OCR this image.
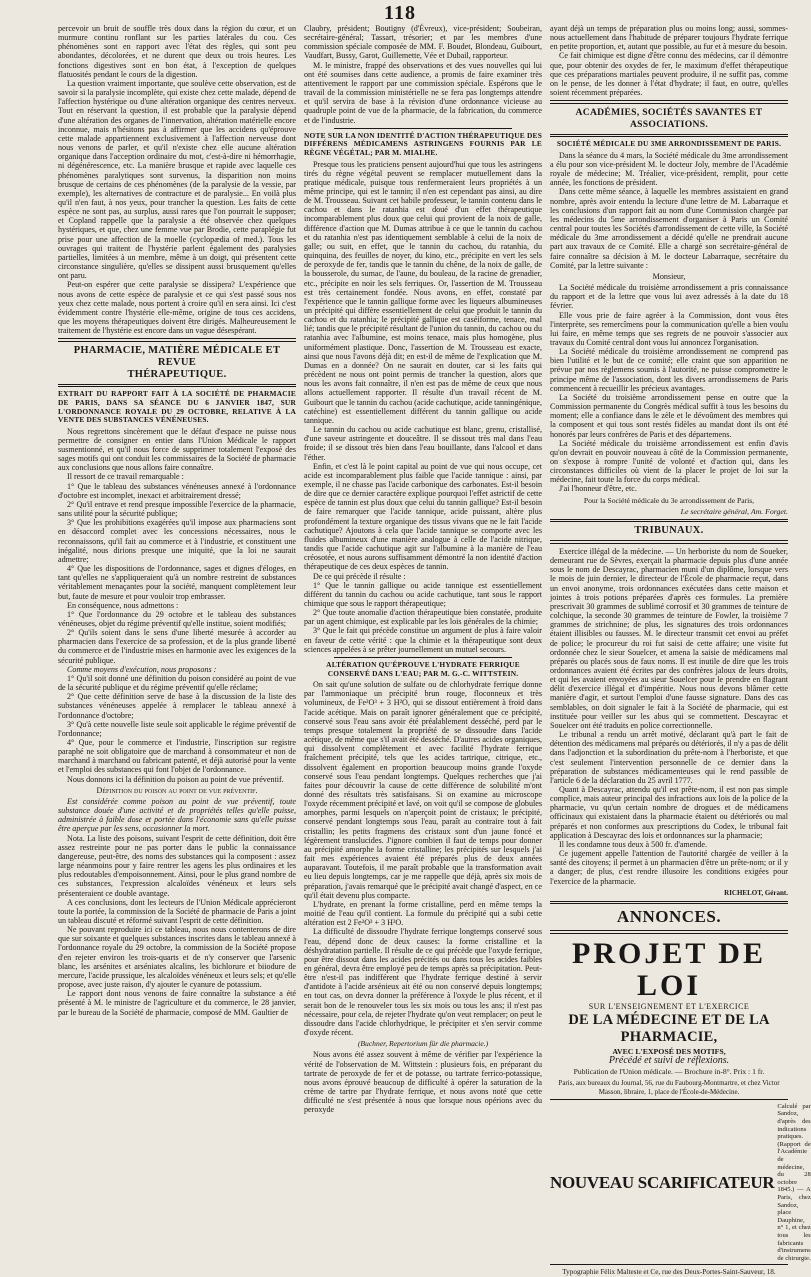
118

percevoir un bruit de souffle très doux dans la région du cœur, et un murmure continu ronflant sur les parties latérales du cou. Ces phénomènes sont en rapport avec l'état des règles, qui sont peu abondantes, décolorées, et ne durent que deux ou trois heures. Les fonctions digestives sont en bon état, à l'exception de quelques flatuosités pendant le cours de la digestion.

La question vraiment importante, que soulève cette observation, est de savoir si la paralysie incomplète, qui existe chez cette malade, dépend de l'affection hystérique ou d'une altération organique des centres nerveux. Tout en réservant la question, il est probable que la paralysie dépend d'une altération des organes de l'innervation, altération matérielle encore inconnue, mais n'hésitons pas à affirmer que les accidens qu'éprouve cette malade appartiennent exclusivement à l'affection nerveuse dont nous venons de parler, et qu'il n'existe chez elle aucune altération organique dans l'acception ordinaire du mot, c'est-à-dire ni hémorrhagie, ni dégénérescence, etc. La manière brusque et rapide avec laquelle ces phénomènes paralytiques sont survenus, la disparition non moins brusque de certains de ces phénomènes (de la paralysie de la vessie, par exemple), les alternatives de contracture et de paralysie... En voilà plus qu'il n'en faut, à nos yeux, pour trancher la question. Les faits de cette espèce ne sont pas, au surplus, aussi rares que l'on pourrait le supposer; et Copland rappelle que la paralysie a été observée chez quelques hystériques, et que, chez une femme vue par Brodie, cette paraplégie fut prise pour une affection de la moelle (cyclopædia of med.). Tous les ouvrages qui traitent de l'hystérie parlent également des paralysies partielles, limitées à un membre, même à un doigt, qui présentent cette circonstance singulière, qu'elles se dissipent aussi brusquement qu'elles ont paru.

Peut-on espérer que cette paralysie se dissipera? L'expérience que nous avons de cette espèce de paralysie et ce qui s'est passé sous nos yeux chez cette malade, nous portent à croire qu'il en sera ainsi. Ici c'est évidemment contre l'hystérie elle-même, origine de tous ces accidens, que les moyens thérapeutiques doivent être dirigés. Malheureusement le traitement de l'hystérie est encore dans un vague désespérant.

PHARMACIE, MATIÈRE MÉDICALE ET REVUE
THÉRAPEUTIQUE.
EXTRAIT DU RAPPORT FAIT À LA SOCIÉTÉ DE PHARMACIE DE PARIS, DANS SA SÉANCE DU 6 JANVIER 1847, SUR L'ORDONNANCE ROYALE DU 29 OCTOBRE, RELATIVE À LA VENTE DES SUBSTANCES VÉNÉNEUSES.

Nous regrettons sincèrement que le défaut d'espace ne puisse nous permettre de consigner en entier dans l'Union Médicale le rapport susmentionné, et qu'il nous force de supprimer totalement l'exposé des sages motifs qui ont conduit les commissaires de la Société de pharmacie aux conclusions que nous allons faire connaître.

Il ressort de ce travail remarquable :

1° Que le tableau des substances vénéneuses annexé à l'ordonnance d'octobre est incomplet, inexact et arbitrairement dressé;

2° Qu'il entrave et rend presque impossible l'exercice de la pharmacie, sans utilité pour la sécurité publique;

3° Que les prohibitions exagérées qu'il impose aux pharmaciens sont en désaccord complet avec les concessions nécessaires, nous le reconnaissons, qu'il fait au commerce et à l'industrie, et constituent une inégalité, nous dirions presque une iniquité, que la loi ne saurait admettre;

4° Que les dispositions de l'ordonnance, sages et dignes d'éloges, en tant qu'elles ne s'appliqueraient qu'à un nombre restreint de substances véritablement menaçantes pour la société, manquent complètement leur but, faute de mesure et pour vouloir trop embrasser.

En conséquence, nous admettons :

1° Que l'ordonnance du 29 octobre et le tableau des substances vénéneuses, objet du régime préventif qu'elle institue, soient modifiés;

2° Qu'ils soient dans le sens d'une liberté mesurée à accorder au pharmacien dans l'exercice de sa profession, et de la plus grande liberté du commerce et de l'industrie mises en harmonie avec les exigences de la sécurité publique.

Comme moyens d'exécution, nous proposons :

1° Qu'il soit donné une définition du poison considéré au point de vue de la sécurité publique et du régime préventif qu'elle réclame;

2° Que cette définition serve de base à la discussion de la liste des substances vénéneuses appelée à remplacer le tableau annexé à l'ordonnance d'octobre;

3° Qu'à cette nouvelle liste seule soit applicable le régime préventif de l'ordonnance;

4° Que, pour le commerce et l'industrie, l'inscription sur registre paraphé ne soit obligatoire que de marchand à consommateur et non de marchand à marchand ou fabricant patenté, et déjà autorisé pour la vente et l'emploi des substances qui font l'objet de l'ordonnance.

Nous donnons ici la définition du poison au point de vue préventif.

Définition du poison au point de vue préventif.

Est considérée comme poison au point de vue préventif, toute substance douée d'une activité et de propriétés telles qu'elle puisse, administrée à faible dose et portée dans l'économie sans qu'elle puisse être aperçue par les sens, occasionner la mort.

Nota. La liste des poisons, suivant l'esprit de cette définition, doit être assez restreinte pour ne pas porter dans le public la connaissance dangereuse, peut-être, des noms des substances qui la composent : assez large néanmoins pour y faire rentrer les agens les plus ordinaires et les plus redoutables d'empoisonnement. Ainsi, pour le plus grand nombre de ces substances, l'expression alcaloïdes vénéneux et leurs sels présenteraient ce double avantage.

A ces conclusions, dont les lecteurs de l'Union Médicale apprécieront toute la portée, la commission de la Société de pharmacie de Paris a joint un tableau discuté et réformé suivant l'esprit de cette définition.

Ne pouvant reproduire ici ce tableau, nous nous contenterons de dire que sur soixante et quelques substances inscrites dans le tableau annexé à l'ordonnance royale du 29 octobre, la commission de la Société propose d'en rejeter environ les trois-quarts et de n'y conserver que l'arsenic blanc, les arsénites et arséniates alcalins, les bichlorure et biiodure de mercure, l'acide prussique, les alcaloïdes vénéneux et leurs sels; et qu'elle propose, avec juste raison, d'y ajouter le cyanure de potassium.

Le rapport dont nous venons de faire connaître la substance a été présenté à M. le ministre de l'agriculture et du commerce, le 28 janvier, par le bureau de la Société de pharmacie, composé de MM. Gaultier de

Claubry, président; Boutigny (d'Évreux), vice-président; Soubeiran, secrétaire-général; Tassart, trésorier; et par les membres d'une commission spéciale composée de MM. F. Boudet, Blondeau, Guibourt, Vaudfart, Bussy, Garot, Guillemette, Vée et Dubail, rapporteur.

M. le ministre, frappé des observations et des vues nouvelles qui lui ont été soumises dans cette audience, a promis de faire examiner très attentivement le rapport par une commission spéciale. Espérons que le travail de la commission ministérielle ne se fera pas longtemps attendre et qu'il servira de base à la révision d'une ordonnance vicieuse au quadruple point de vue de la pharmacie, de la fabrication, du commerce et de l'industrie.

NOTE SUR LA NON IDENTITÉ D'ACTION THÉRAPEUTIQUE DES DIFFÉRENS MÉDICAMENS ASTRINGENS FOURNIS PAR LE RÈGNE VÉGÉTAL; PAR M. MIALHE.

Presque tous les praticiens pensent aujourd'hui que tous les astringens tirés du règne végétal peuvent se remplacer mutuellement dans la pratique médicale, puisque tous renfermeraient leurs propriétés à un même principe, qui est le tannin; il n'en est cependant pas ainsi, au dire de M. Trousseau. Suivant cet habile professeur, le tannin contenu dans le cachou et dans le ratanhia est doué d'un effet thérapeutique incomparablement plus doux que celui qui provient de la noix de galle, différence d'action que M. Dumas attribue à ce que le tannin du cachou et du ratanhia n'est pas identiquement semblable à celui de la noix de galle; ou suit, en effet, que le tannin du cachou, du ratanhia, du quinquina, des feuilles de noyer, du kino, etc., précipite en vert les sels de peroxyde de fer, tandis que le tannin du chêne, de la noix de galle, de la bousserole, du sumac, de l'aune, du bouleau, de la racine de grenadier, etc., précipite en noir les sels ferriques. Or, l'assertion de M. Trousseau est très certainement fondée. Nous avons, en effet, constaté par l'expérience que le tannin gallique forme avec les liqueurs albumineuses un précipité qui diffère essentiellement de celui que produit le tannin du cachou et du ratanhia; le précipité gallique est caséiforme, tenace, mal lié; tandis que le précipité résultant de l'union du tannin, du cachou ou du ratanhia avec l'albumine, est moins tenace, mais plus homogène, plus uniformément plastique. Donc, l'assertion de M. Trousseau est exacte, ainsi que nous l'avons déjà dit; en est-il de même de l'explication que M. Dumas en a donnée? On ne saurait en douter, car si les faits qui précèdent ne nous ont point permis de trancher la question, alors que nous les avons fait connaître, il n'en est pas de même de ceux que nous allons actuellement rapporter. Il résulte d'un travail récent de M. Guibourt que le tannin du cachou (acide cachutique, acide tanningénique, catéchine) est essentiellement différent du tannin gallique ou acide tannique.

Le tannin du cachou ou acide cachutique est blanc, grenu, cristallisé, d'une saveur astringente et douceâtre. Il se dissout très mal dans l'eau froide; il se dissout très bien dans l'eau bouillante, dans l'alcool et dans l'éther.

Enfin, et c'est là le point capital au point de vue qui nous occupe, cet acide est incomparablement plus faible que l'acide tannique : ainsi, par exemple, il ne chasse pas l'acide carbonique des carbonates. Est-il besoin de dire que ce dernier caractère explique pourquoi l'effet astrictif de cette espèce de tannin est plus doux que celui du tannin gallique? Est-il besoin de faire remarquer que l'acide tannique, acide puissant, altère plus profondément la texture organique des tissus vivans que ne le fait l'acide cachutique? Ajoutons à cela que l'acide tannique se comporte avec les fluides albumineux d'une manière analogue à celle de l'acide nitrique, tandis que l'acide cachutique agit sur l'albumine à la manière de l'eau créosotée, et nous aurons suffisamment démontré la non identité d'action thérapeutique de ces deux espèces de tannin.

De ce qui précède il résulte :

1° Que le tannin gallique ou acide tannique est essentiellement différent du tannin du cachou ou acide cachutique, tant sous le rapport chimique que sous le rapport thérapeutique;

2° Que toute anomalie d'action thérapeutique bien constatée, produite par un agent chimique, est explicable par les lois générales de la chimie;

3° Que le fait qui précède constitue un argument de plus à faire valoir en faveur de cette vérité : que la chimie et la thérapeutique sont deux sciences appelées à se prêter journellement un mutuel secours.

ALTÉRATION QU'ÉPROUVE L'HYDRATE FERRIQUE CONSERVÉ DANS L'EAU; PAR M. G.-C. WITTSTEIN.

On sait qu'une solution de sulfate ou de chlorhydrate ferrique donne par l'ammoniaque un précipité brun rouge, floconneux et très volumineux, de Fe²O³ + 3 H²O, qui se dissout entièrement à froid dans l'acide acétique. Mais on paraît ignorer généralement que ce précipité, conservé sous l'eau sans avoir été préalablement desséché, perd par le temps presque totalement la propriété de se dissoudre dans l'acide acétique, de même que s'il avait été desséché. D'autres acides organiques, qui dissolvent complètement et avec facilité l'hydrate ferrique fraîchement précipité, tels que les acides tartrique, citrique, etc., dissolvent également en proportion beaucoup moins grande l'oxyde conservé sous l'eau pendant longtemps. Quelques recherches que j'ai faites pour découvrir la cause de cette différence de solubilité m'ont donné des résultats très satisfaisans. Si on examine au microscope l'oxyde récemment précipité et lavé, on voit qu'il se compose de globules amorphes, parmi lesquels on n'aperçoit point de cristaux; le précipité, conservé pendant longtemps sous l'eau, paraît au contraire tout à fait cristallin; les petits fragmens des cristaux sont d'un jaune foncé et légèrement translucides. J'ignore combien il faut de temps pour donner au précipité amorphe la forme cristalline; les précipités sur lesquels j'ai fait mes expériences avaient été préparés plus de deux années auparavant. Toutefois, il me paraît probable que la transformation avait eu lieu depuis longtemps, car je me rappelle que déjà, après six mois de préparation, j'avais remarqué que le précipité avait changé d'aspect, en ce qu'il était devenu plus compacte.

L'hydrate, en prenant la forme cristalline, perd en même temps la moitié de l'eau qu'il contient. La formule du précipité qui a subi cette altération est 2 Fe²O³ + 3 H²O.

La difficulté de dissoudre l'hydrate ferrique longtemps conservé sous l'eau, dépend donc de deux causes: la forme cristalline et la déshydratation partielle. Il résulte de ce qui précède que l'oxyde ferrique, pour être dissout dans les acides précités ou dans tous les acides faibles en général, devra être employé peu de temps après sa précipitation. Peut-être n'est-il pas indifférent que l'hydrate ferrique destiné à servir d'antidote à l'acide arsénieux ait été ou non conservé depuis longtemps; en tout cas, on devra donner la préférence à l'oxyde le plus récent, et il serait bon de le renouveler tous les six mois ou tous les ans; il n'est pas nécessaire, pour cela, de rejeter l'hydrate qu'on veut remplacer; on peut le dissoudre dans l'acide chlorhydrique, le précipiter et s'en servir comme d'oxyde récent.

(Buchner, Repertorium für die pharmacie.)

Nous avons été assez souvent à même de vérifier par l'expérience la vérité de l'observation de M. Wittstein : plusieurs fois, en préparant du tartrate de peroxyde de fer et de potasse, ou tartrate ferrico-potassique, nous avons éprouvé beaucoup de difficulté à opérer la saturation de la crème de tartre par l'hydrate ferrique, et nous avons noté que cette difficulté ne s'est présentée à nous que lorsque nous opérions avec du peroxyde

ayant déjà un temps de préparation plus ou moins long; aussi, sommes-nous actuellement dans l'habitude de préparer toujours l'hydrate ferrique en petite proportion, et, autant que possible, au fur et à mesure du besoin.

Ce fait chimique est digne d'être connu des médecins, car il démontre que, pour obtenir des oxydes de fer, le maximum d'effet thérapeutique que ces préparations martiales peuvent produire, il ne suffit pas, comme on le pense, de les donner à l'état d'hydrate; il faut, en outre, qu'elles soient récemment préparées.

ACADÉMIES, SOCIÉTÉS SAVANTES ET ASSOCIATIONS.
SOCIÉTÉ MÉDICALE DU 3ME ARRONDISSEMENT DE PARIS.

Dans la séance du 4 mars, la Société médicale du 3me arrondissement a élu pour son vice-président M. le docteur Joly, membre de l'Académie royale de médecine; M. Tréalier, vice-président, remplit, pour cette année, les fonctions de président.

Dans cette même séance, à laquelle les membres assistaient en grand nombre, après avoir entendu la lecture d'une lettre de M. Labarraque et les conclusions d'un rapport fait au nom d'une Commission chargée par les médecins du 5me arrondissement d'organiser à Paris un Comité central pour toutes les Sociétés d'arrondissement de cette ville, la Société médicale du 3me arrondissement a décidé qu'elle ne prendrait aucune part aux travaux de ce Comité. Elle a chargé son secrétaire-général de faire connaître sa décision à M. le docteur Labarraque, secrétaire du Comité, par la lettre suivante :

Monsieur,

La Société médicale du troisième arrondissement a pris connaissance du rapport et de la lettre que vous lui avez adressés à la date du 18 février.

Elle vous prie de faire agréer à la Commission, dont vous êtes l'interprète, ses remercîmens pour la communication qu'elle a bien voulu lui faire, en même temps que ses regrets de ne pouvoir s'associer aux travaux du Comité central dont vous lui annoncez l'organisation.

La Société médicale du troisième arrondissement ne comprend pas bien l'utilité et le but de ce comité; elle craint que son apparition ne prévue par nos règlemens soumis à l'autorité, ne puisse compromettre le principe même de l'association, dont les divers arrondissemens de Paris commencent à recueillir les précieux avantages.

La Société du troisième arrondissement pense en outre que la Commission permanente du Congrès médical suffit à tous les besoins du moment; elle a confiance dans le zèle et le dévoûment des membres qui la composent et qui tous sont restés fidèles au mandat dont ils ont été honorés par leurs confrères de Paris et des départemens.

La Société médicale du troisième arrondissement est enfin d'avis qu'on devrait en pouvoir nouveau à côté de la Commission permanente, on s'expose à rompre l'unité de volonté et d'action qui, dans les circonstances difficiles où vient de la placer le projet de loi sur la médecine, fait toute la force du corps médical.

J'ai l'honneur d'être, etc.

Pour la Société médicale du 3e arrondissement de Paris,
Le secrétaire général, Am. Forget.
TRIBUNAUX.

Exercice illégal de la médecine. — Un herboriste du nom de Soueker, demeurant rue de Sèvres, exerçait la pharmacie depuis plus d'une année sous le nom de Descayrac, pharmacien muni d'un diplôme, lorsque vers le mois de juin dernier, le directeur de l'École de pharmacie reçut, dans un envoi anonyme, trois ordonnances exécutées dans cette maison et jointes à trois potions préparées d'après ces formules. La première prescrivait 30 grammes de sublimé corrosif et 30 grammes de teinture de colchique, la seconde 30 grammes de teinture de Fowler, la troisième 7 grammes de strichnine; de plus, les signatures des trois ordonnances étaient illisibles ou fausses. M. le directeur transmit cet envoi au préfet de police; le procureur du roi fut saisi de cette affaire; une visite fut ordonnée chez le sieur Souelcer, et amena la saisie de médicamens mal préparés ou placés sous de faux noms. Il est inutile de dire que les trois ordonnances avaient été écrites par des confrères jaloux de leurs droits, et qui les avaient envoyées au sieur Souelcer pour le prendre en flagrant délit d'exercice illégal et d'impéritie. Nous nous devons blâmer cette manière d'agir, et surtout l'emploi d'une fausse signature. Dans des cas semblables, on doit signaler le fait à la Société de pharmacie, qui est instituée pour veiller sur les abus qui se commettent. Descayrac et Souelcer ont été traduits en police correctionnelle.

Le tribunal a rendu un arrêt motivé, déclarant qu'à part le fait de détention des médicamens mal préparés ou détériorés, il n'y a pas de délit dans l'adjonction et la subordination du prête-nom à l'herboriste, et que c'est seulement l'intervention personnelle de ce dernier dans la préparation de substances médicamenteuses qui le rend passible de l'article 6 de la déclaration du 25 avril 1777.

Quant à Descayrac, attendu qu'il est prête-nom, il est non pas simple complice, mais auteur principal des infractions aux lois de la police de la pharmacie, vu qu'un certain nombre de drogues et de médicamens officinaux qui existaient dans la pharmacie étaient ou détériorés ou mal préparés et non conformes aux prescriptions du Codex, le tribunal fait application à Descayrac des lois et ordonnances sur la pharmacie;

Il les condamne tous deux à 500 fr. d'amende.

Ce jugement appelle l'attention de l'autorité chargée de veiller à la santé des citoyens; il permet à un pharmacien d'être un prête-nom; or il y a danger; de plus, c'est rendre illusoire les conditions exigées pour l'exercice de la pharmacie.

RICHELOT, Gérant.
ANNONCES.
PROJET DE LOI
SUR L'ENSEIGNEMENT ET L'EXERCICE
DE LA MÉDECINE ET DE LA PHARMACIE,
AVEC L'EXPOSÉ DES MOTIFS,
Précédé et suivi de réflexions.
Publication de l'Union médicale. — Brochure in-8°. Prix : 1 fr.
Paris, aux bureaux du Journal, 56, rue du Faubourg-Montmartre, et chez Victor Masson, libraire, 1, place de l'École-de-Médecine.
NOUVEAU SCARIFICATEUR
Calculé par Sandoz, d'après des indications pratiques. (Rapport de l'Académie de médecine, du 28 octobre 1845.) — A Paris, chez Sandoz, place Dauphine, n° 1, et chez tous les fabricants d'instrumens de chirurgie.
Typographie Félix Malteste et Ce, rue des Deux-Portes-Saint-Sauveur, 18.
